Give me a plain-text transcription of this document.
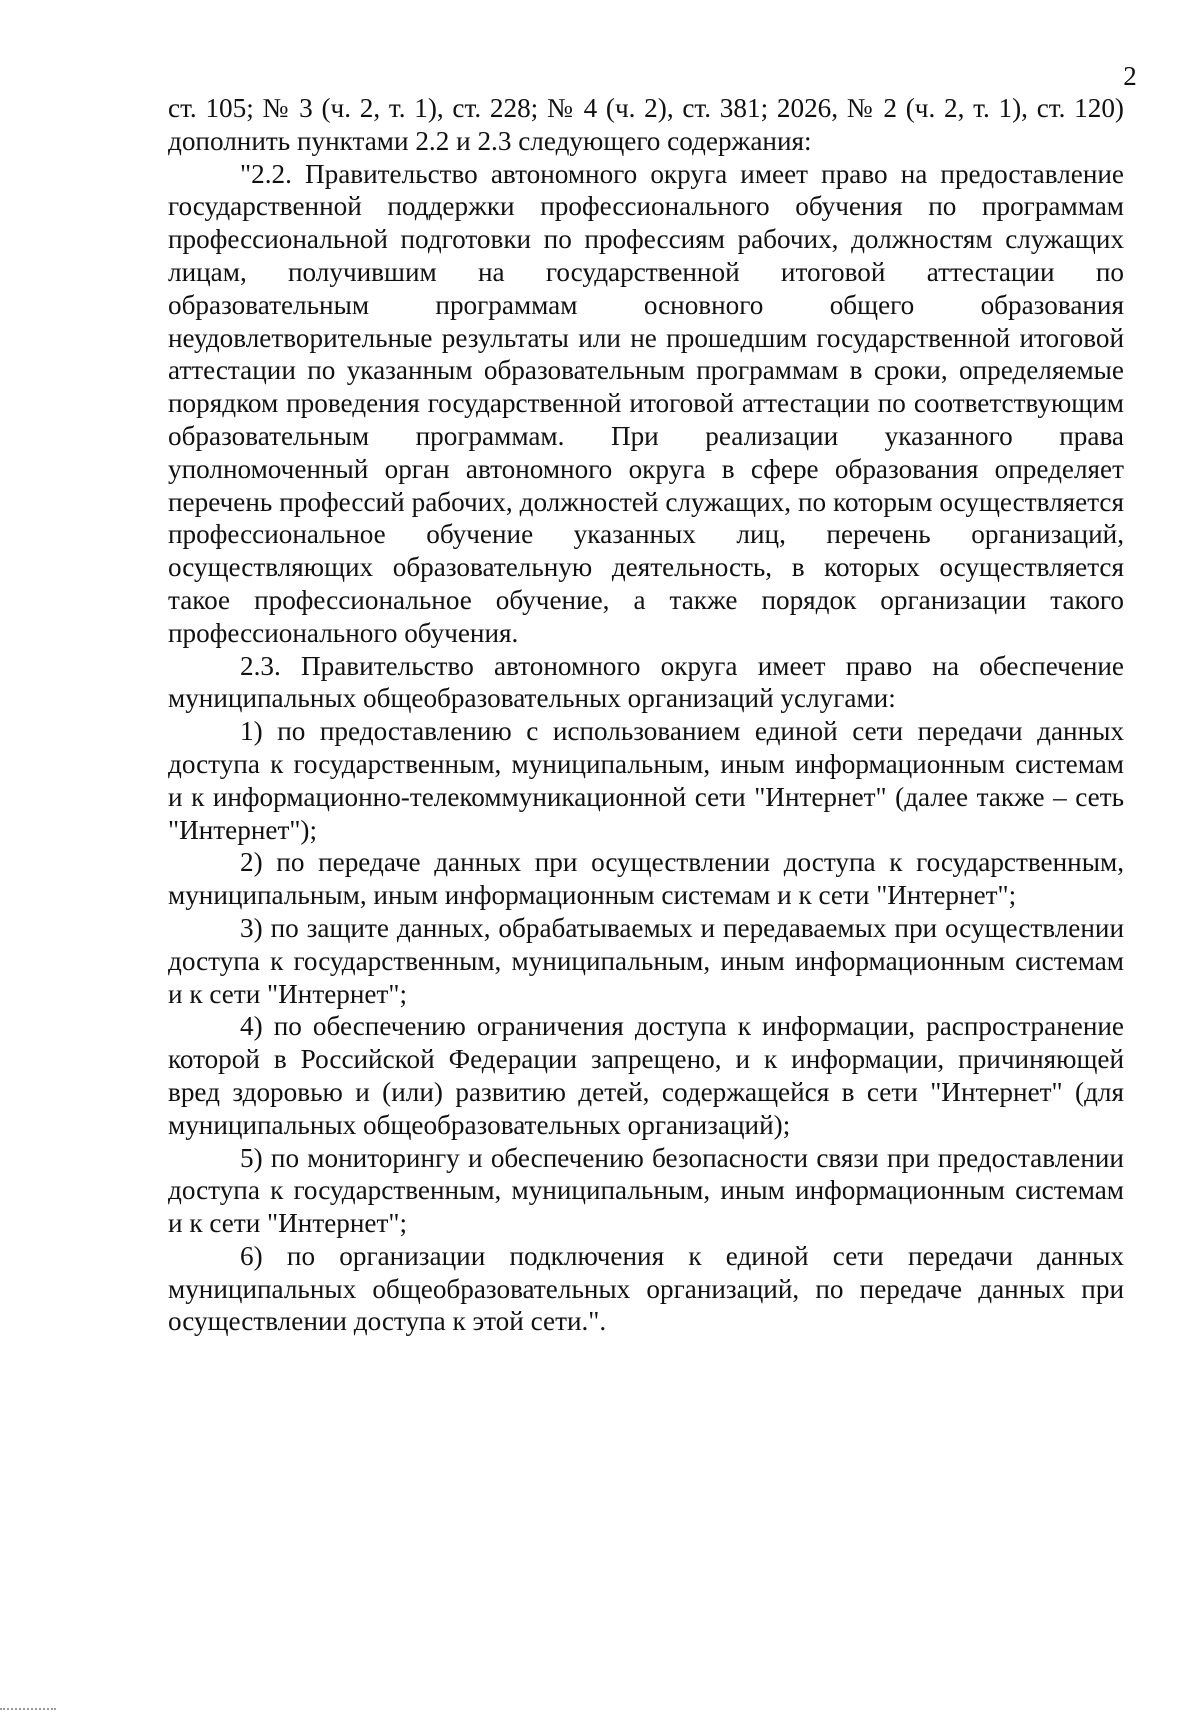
2

ст. 105; № 3 (ч. 2, т. 1), ст. 228; № 4 (ч. 2), ст. 381; 2026, № 2 (ч. 2, т. 1), ст. 120) дополнить пунктами 2.2 и 2.3 следующего содержания:

"2.2. Правительство автономного округа имеет право на предоставление государственной поддержки профессионального обучения по программам профессиональной подготовки по профессиям рабочих, должностям служащих лицам, получившим на государственной итоговой аттестации по образовательным программам основного общего образования неудовлетворительные результаты или не прошедшим государственной итоговой аттестации по указанным образовательным программам в сроки, определяемые порядком проведения государственной итоговой аттестации по соответствующим образовательным программам. При реализации указанного права уполномоченный орган автономного округа в сфере образования определяет перечень профессий рабочих, должностей служащих, по которым осуществляется профессиональное обучение указанных лиц, перечень организаций, осуществляющих образовательную деятельность, в которых осуществляется такое профессиональное обучение, а также порядок организации такого профессионального обучения.

2.3. Правительство автономного округа имеет право на обеспечение муниципальных общеобразовательных организаций услугами:

1) по предоставлению с использованием единой сети передачи данных доступа к государственным, муниципальным, иным информационным системам и к информационно-телекоммуникационной сети "Интернет" (далее также – сеть "Интернет");

2) по передаче данных при осуществлении доступа к государственным, муниципальным, иным информационным системам и к сети "Интернет";

3) по защите данных, обрабатываемых и передаваемых при осуществлении доступа к государственным, муниципальным, иным информационным системам и к сети "Интернет";

4) по обеспечению ограничения доступа к информации, распространение которой в Российской Федерации запрещено, и к информации, причиняющей вред здоровью и (или) развитию детей, содержащейся в сети "Интернет" (для муниципальных общеобразовательных организаций);

5) по мониторингу и обеспечению безопасности связи при предоставлении доступа к государственным, муниципальным, иным информационным системам и к сети "Интернет";

6) по организации подключения к единой сети передачи данных муниципальных общеобразовательных организаций, по передаче данных при осуществлении доступа к этой сети.".
